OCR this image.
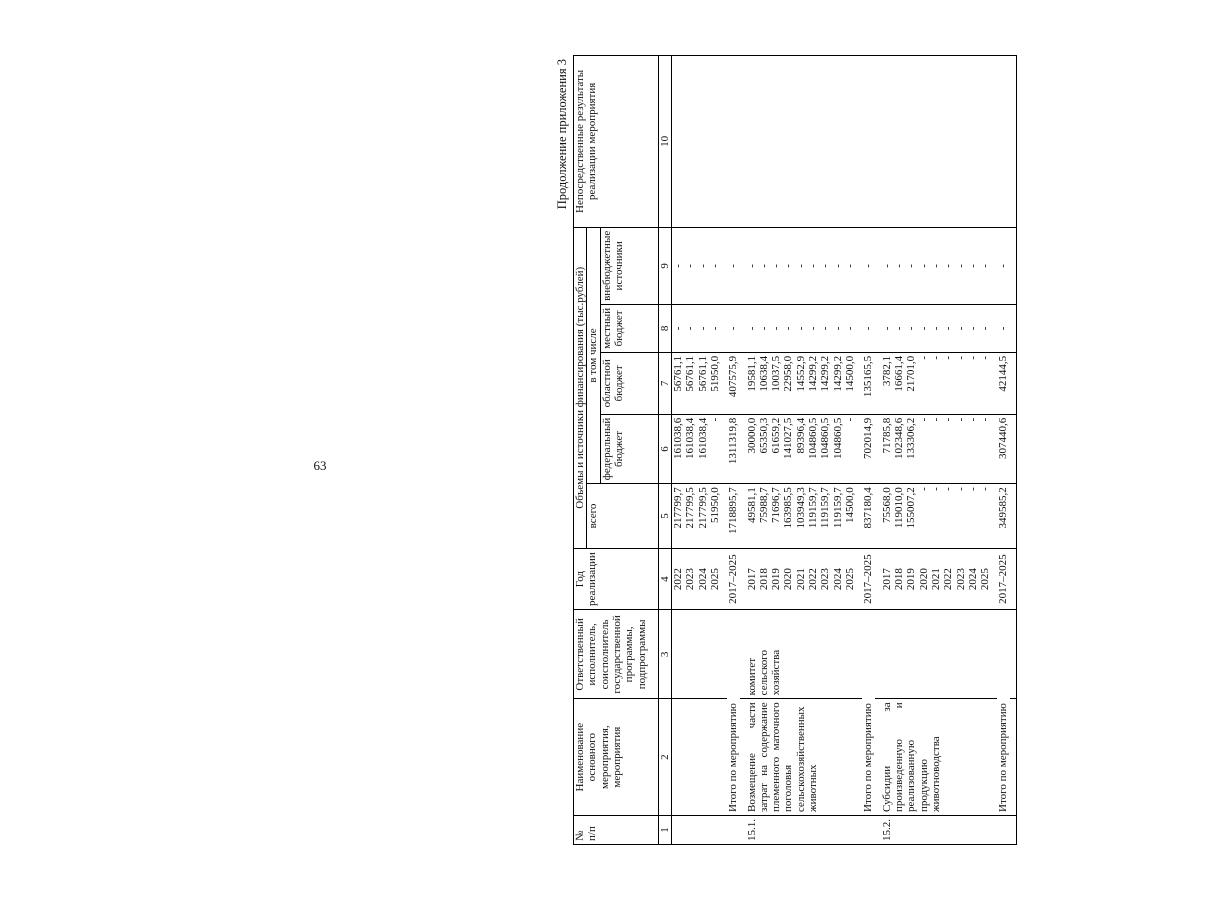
63
Продолжение приложения 3
№
п/п	Наименование основного мероприятия, мероприятия	Ответственный исполнитель, соисполнитель государственной программы, подпрограммы	Год реализации	Объемы и источники финансирования (тыс.рублей)					Непосредственные результаты реализации мероприятия
				всего	в том числе				
					федеральный бюджет	областной бюджет	местный бюджет	внебюджетные источники	
1	2	3	4	5	6	7	8	9	10
			2022	217799,7	161038,6	56761,1	-	-	
			2023	217799,5	161038,4	56761,1	-	-	
			2024	217799,5	161038,4	56761,1	-	-	
			2025	51950,0	-	51950,0	-	-	

	Итого по мероприятию		2017–2025	1718895,7	1311319,8	407575,9	-	-	

15.1.	Возмещение части затрат на содержание племенного маточного поголовья сельскохозяйственных животных	комитет сельского хозяйства	2017	49581,1	30000,0	19581,1	-	-	
			2018	75988,7	65350,3	10638,4	-	-	
			2019	71696,7	61659,2	10037,5	-	-	
			2020	163985,5	141027,5	22958,0	-	-	
			2021	103949,3	89396,4	14552,9	-	-	
			2022	119159,7	104860,5	14299,2	-	-	
			2023	119159,7	104860,5	14299,2	-	-	
			2024	119159,7	104860,5	14299,2	-	-	
			2025	14500,0	-	14500,0	-	-	

	Итого по мероприятию		2017–2025	837180,4	702014,9	135165,5	-	-	

15.2.	Субсидии за произведенную и реализованную продукцию животноводства		2017	75568,0	71785,8	3782,1	-	-	
			2018	119010,0	102348,6	16661,4	-	-	
			2019	155007,2	133306,2	21701,0	-	-	
			2020	-	-	-	-	-	
			2021	-	-	-	-	-	
			2022	-	-	-	-	-	
			2023	-	-	-	-	-	
			2024	-	-	-	-	-	
			2025	-	-	-	-	-	

	Итого по мероприятию		2017–2025	349585,2	307440,6	42144,5	-	-	
